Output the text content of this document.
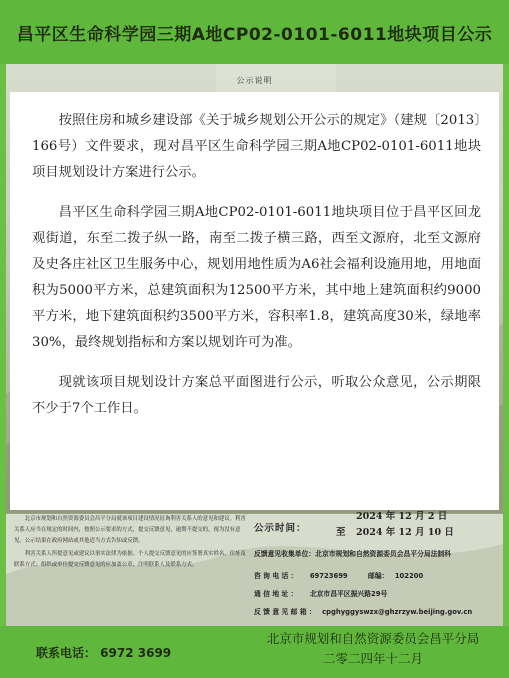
昌平区生命科学园三期A地CP02-0101-6011地块项目公示
公示说明

按照住房和城乡建设部《关于城乡规划公开公示的规定》（建规〔2013〕166号）文件要求，现对昌平区生命科学园三期A地CP02-0101-6011地块项目规划设计方案进行公示。

昌平区生命科学园三期A地CP02-0101-6011地块项目位于昌平区回龙观街道，东至二拨子纵一路，南至二拨子横三路，西至文源府，北至文源府及史各庄社区卫生服务中心，规划用地性质为A6社会福利设施用地，用地面积为5000平方米，总建筑面积为12500平方米，其中地上建筑面积约9000平方米，地下建筑面积约3500平方米，容积率1.8，建筑高度30米，绿地率30%，最终规划指标和方案以规划许可为准。

现就该项目规划设计方案总平面图进行公示，听取公众意见，公示期限不少于7个工作日。

北京市规划和自然资源委员会昌平分局就该项目建设情况征询利害关系人的意见和建议。利害关系人应当在规定的时间内，按照公示要求的方式，提交反馈意见，逾期不提交的，视为没有意见。公示结果在政府网站或其他适当方式告知或反馈。

利害关系人所提意见或建议以事实法律为依据。个人提交反馈意见的应签署真实姓名，住址及联系方式；组织或单位提交反馈意见的应加盖公章、注明联系人及联系方式。

公示时间：
2024 年 12 月 2 日
至 2024 年 12 月 10 日
反馈意见收集单位：北京市规划和自然资源委员会昌平分局法制科
咨 询 电 话 ： 69723699	邮编： 102200
通 信 地 址 ： 北京市昌平区振兴路29号
反 馈 意 见 邮 箱 ： cpghyggyswzx@ghzrzyw.beijing.gov.cn
联系电话： 6972 3699
北京市规划和自然资源委员会昌平分局
二零二四年十二月
